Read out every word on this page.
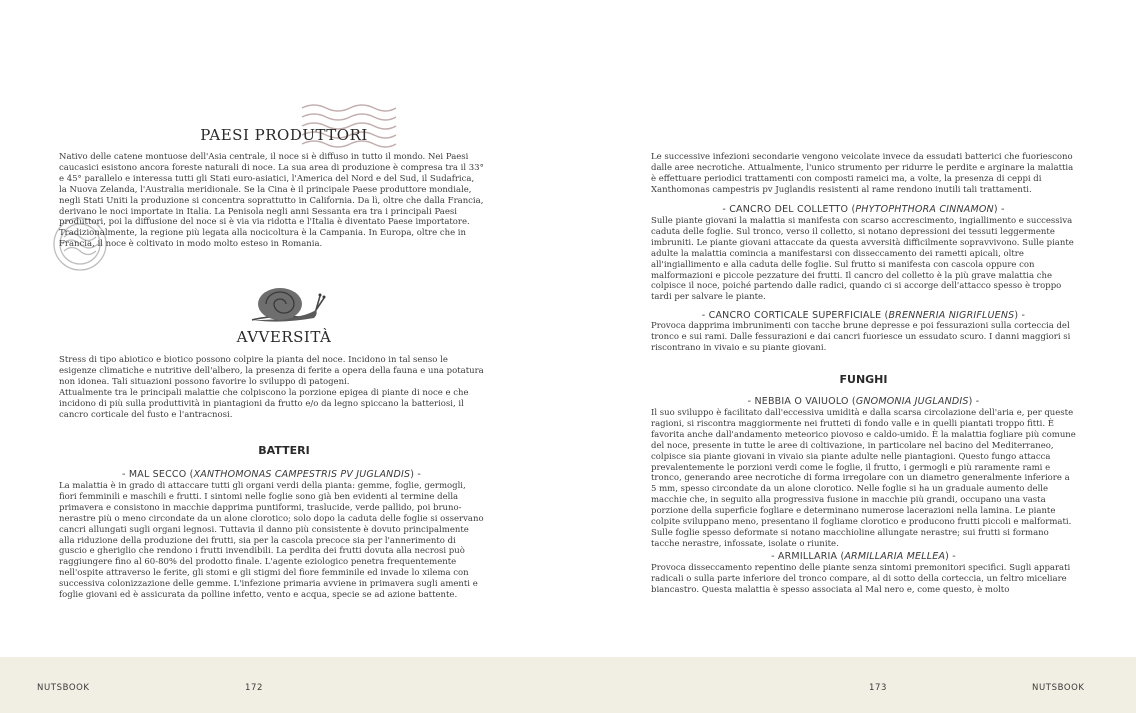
PAESI PRODUTTORI

Nativo delle catene montuose dell'Asia centrale, il noce si è diffuso in tutto il mondo. Nei Paesi caucasici esistono ancora foreste naturali di noce. La sua area di produzione è compresa tra il 33° e 45° parallelo e interessa tutti gli Stati euro-asiatici, l'America del Nord e del Sud, il Sudafrica, la Nuova Zelanda, l'Australia meridionale. Se la Cina è il principale Paese produttore mondiale, negli Stati Uniti la produzione si concentra soprattutto in California. Da lì, oltre che dalla Francia, derivano le noci importate in Italia. La Penisola negli anni Sessanta era tra i principali Paesi produttori, poi la diffusione del noce si è via via ridotta e l'Italia è diventato Paese importatore. Tradizionalmente, la regione più legata alla nocicoltura è la Campania. In Europa, oltre che in Francia, il noce è coltivato in modo molto esteso in Romania.

AVVERSITÀ

Stress di tipo abiotico e biotico possono colpire la pianta del noce. Incidono in tal senso le esigenze climatiche e nutritive dell'albero, la presenza di ferite a opera della fauna e una potatura non idonea. Tali situazioni possono favorire lo sviluppo di patogeni.

Attualmente tra le principali malattie che colpiscono la porzione epigea di piante di noce e che incidono di più sulla produttività in piantagioni da frutto e/o da legno spiccano la batteriosi, il cancro corticale del fusto e l'antracnosi.

BATTERI

- MAL SECCO (XANTHOMONAS CAMPESTRIS PV JUGLANDIS) -

La malattia è in grado di attaccare tutti gli organi verdi della pianta: gemme, foglie, germogli, fiori femminili e maschili e frutti. I sintomi nelle foglie sono già ben evidenti al termine della primavera e consistono in macchie dapprima puntiformi, traslucide, verde pallido, poi bruno-nerastre più o meno circondate da un alone clorotico; solo dopo la caduta delle foglie si osservano cancri allungati sugli organi legnosi. Tuttavia il danno più consistente è dovuto principalmente alla riduzione della produzione dei frutti, sia per la cascola precoce sia per l'annerimento di guscio e gheriglio che rendono i frutti invendibili. La perdita dei frutti dovuta alla necrosi può raggiungere fino al 60-80% del prodotto finale. L'agente eziologico penetra frequentemente nell'ospite attraverso le ferite, gli stomi e gli stigmi del fiore femminile ed invade lo xilema con successiva colonizzazione delle gemme. L'infezione primaria avviene in primavera sugli amenti e foglie giovani ed è assicurata da polline infetto, vento e acqua, specie se ad azione battente.

Le successive infezioni secondarie vengono veicolate invece da essudati batterici che fuoriescono dalle aree necrotiche. Attualmente, l'unico strumento per ridurre le perdite e arginare la malattia è effettuare periodici trattamenti con composti rameici ma, a volte, la presenza di ceppi di Xanthomonas campestris pv Juglandis resistenti al rame rendono inutili tali trattamenti.

- CANCRO DEL COLLETTO (PHYTOPHTHORA CINNAMON) -

Sulle piante giovani la malattia si manifesta con scarso accrescimento, ingiallimento e successiva caduta delle foglie. Sul tronco, verso il colletto, si notano depressioni dei tessuti leggermente imbruniti. Le piante giovani attaccate da questa avversità difficilmente sopravvivono. Sulle piante adulte la malattia comincia a manifestarsi con disseccamento dei rametti apicali, oltre all'ingiallimento e alla caduta delle foglie. Sul frutto si manifesta con cascola oppure con malformazioni e piccole pezzature dei frutti. Il cancro del colletto è la più grave malattia che colpisce il noce, poiché partendo dalle radici, quando ci si accorge dell'attacco spesso è troppo tardi per salvare le piante.

- CANCRO CORTICALE SUPERFICIALE (BRENNERIA NIGRIFLUENS) -

Provoca dapprima imbrunimenti con tacche brune depresse e poi fessurazioni sulla corteccia del tronco e sui rami. Dalle fessurazioni e dai cancri fuoriesce un essudato scuro. I danni maggiori si riscontrano in vivaio e su piante giovani.

FUNGHI

- NEBBIA O VAIUOLO (GNOMONIA JUGLANDIS) -

Il suo sviluppo è facilitato dall'eccessiva umidità e dalla scarsa circolazione dell'aria e, per queste ragioni, si riscontra maggiormente nei frutteti di fondo valle e in quelli piantati troppo fitti. È favorita anche dall'andamento meteorico piovoso e caldo-umido. È la malattia fogliare più comune del noce, presente in tutte le aree di coltivazione, in particolare nel bacino del Mediterraneo, colpisce sia piante giovani in vivaio sia piante adulte nelle piantagioni. Questo fungo attacca prevalentemente le porzioni verdi come le foglie, il frutto, i germogli e più raramente rami e tronco, generando aree necrotiche di forma irregolare con un diametro generalmente inferiore a 5 mm, spesso circondate da un alone clorotico. Nelle foglie si ha un graduale aumento delle macchie che, in seguito alla progressiva fusione in macchie più grandi, occupano una vasta porzione della superficie fogliare e determinano numerose lacerazioni nella lamina. Le piante colpite sviluppano meno, presentano il fogliame clorotico e producono frutti piccoli e malformati. Sulle foglie spesso deformate si notano macchioline allungate nerastre; sui frutti si formano tacche nerastre, infossate, isolate o riunite.

- ARMILLARIA (ARMILLARIA MELLEA) -

Provoca disseccamento repentino delle piante senza sintomi premonitori specifici. Sugli apparati radicali o sulla parte inferiore del tronco compare, al di sotto della corteccia, un feltro miceliare biancastro. Questa malattia è spesso associata al Mal nero e, come questo, è molto

NUTSBOOK	172	173	NUTSBOOK
